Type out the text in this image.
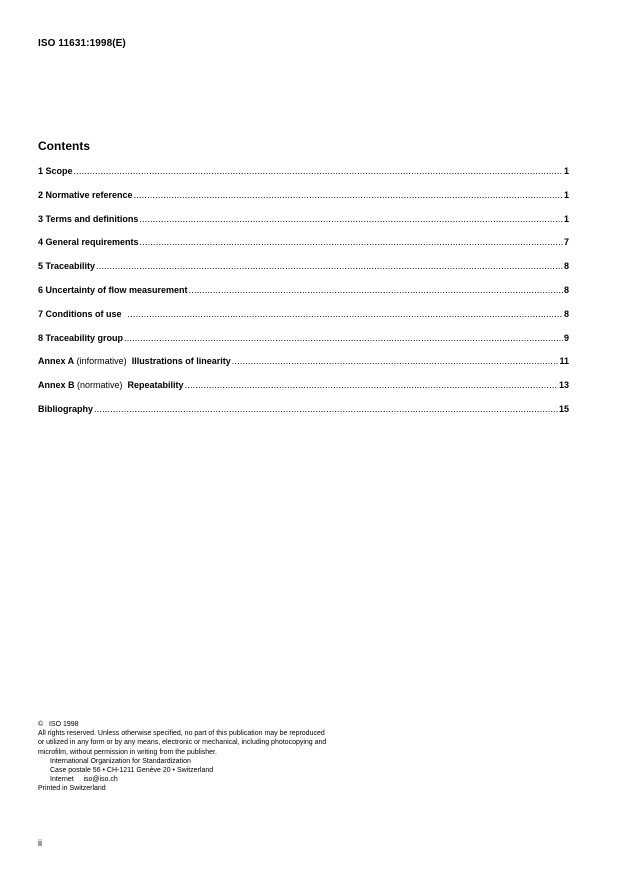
ISO 11631:1998(E)
Contents
1 Scope .....	1
2 Normative reference .....	1
3 Terms and definitions .....	1
4 General requirements .....	7
5 Traceability .....	8
6 Uncertainty of flow measurement .....	8
7 Conditions of use .....	8
8 Traceability group .....	9
Annex A (informative) Illustrations of linearity .....	11
Annex B (normative) Repeatability .....	13
Bibliography .....	15
©   ISO 1998
All rights reserved. Unless otherwise specified, no part of this publication may be reproduced
or utilized in any form or by any means, electronic or mechanical, including photocopying and
microfilm, without permission in writing from the publisher.
International Organization for Standardization
Case postale 56 • CH-1211 Genève 20 • Switzerland
Internet     iso@iso.ch
Printed in Switzerland
ii
